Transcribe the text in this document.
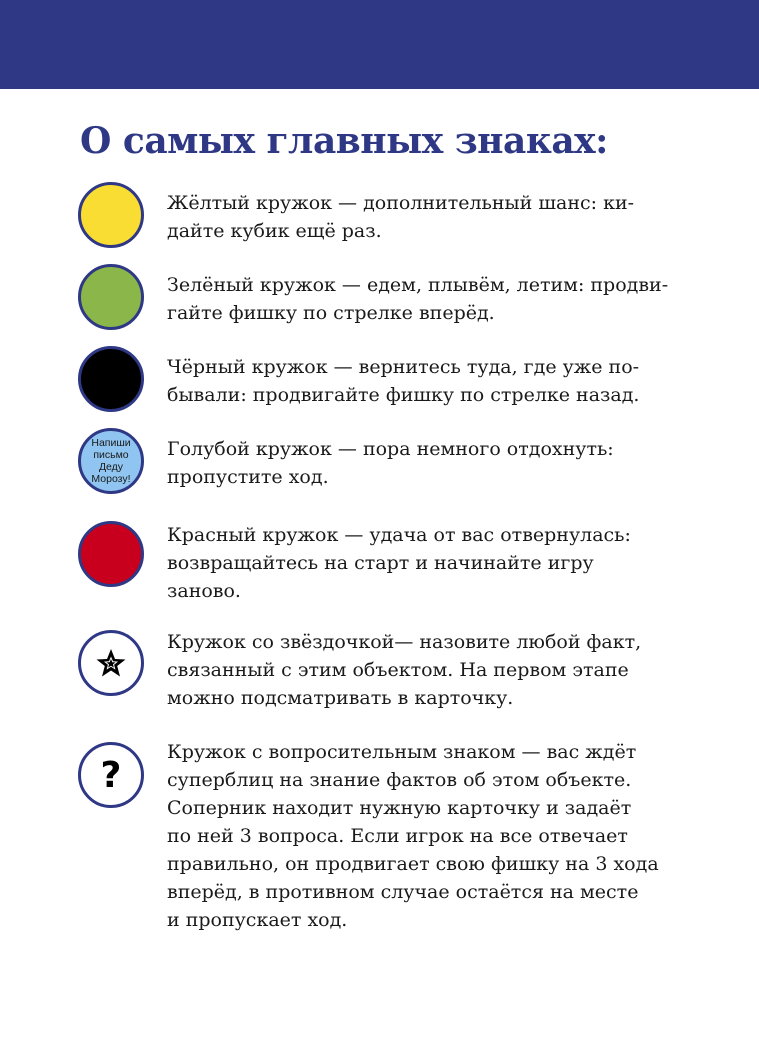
О самых главных знаках:

Жёлтый кружок — дополнительный шанс: ки-
дайте кубик ещё раз.

Зелёный кружок — едем, плывём, летим: продви-
гайте фишку по стрелке вперёд.

Чёрный кружок — вернитесь туда, где уже по-
бывали: продвигайте фишку по стрелке назад.

Напиши
письмо
Деду
Морозу!

Голубой кружок — пора немного отдохнуть:
пропустите ход.

Красный кружок — удача от вас отвернулась:
возвращайтесь на старт и начинайте игру
заново.

Кружок со звёздочкой— назовите любой факт,
связанный с этим объектом. На первом этапе
можно подсматривать в карточку.

?

Кружок с вопросительным знаком — вас ждёт
суперблиц на знание фактов об этом объекте.
Соперник находит нужную карточку и задаёт
по ней 3 вопроса. Если игрок на все отвечает
правильно, он продвигает свою фишку на 3 хода
вперёд, в противном случае остаётся на месте
и пропускает ход.
